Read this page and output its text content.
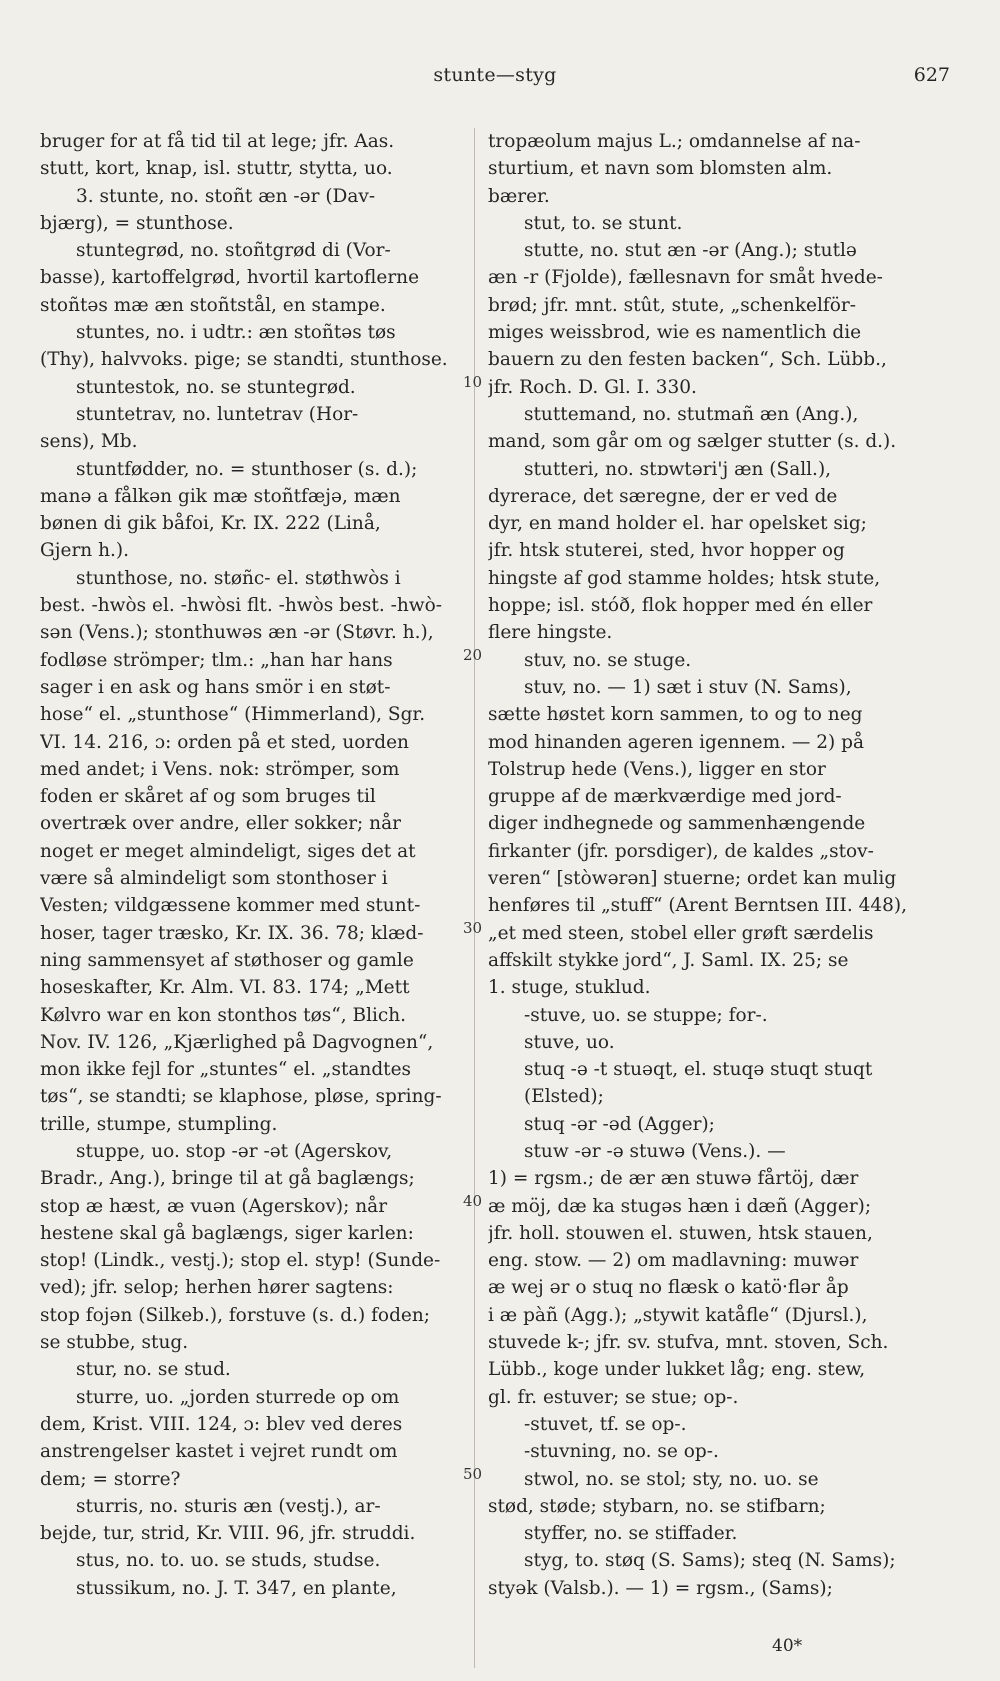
stunte—styg	627
bruger for at få tid til at lege; jfr. Aas.
stutt, kort, knap, isl. stuttr, stytta, uo.
3. stunte, no. stoñt æn -ər (Dav-
bjærg), = stunthose.
stuntegrød, no. stoñtgrød di (Vor-
basse), kartoffelgrød, hvortil kartoflerne
stoñtəs mæ æn stoñtstål, en stampe.
stuntes, no. i udtr.: æn stoñtəs tøs
(Thy), halvvoks. pige; se standti, stunthose.
stuntestok, no. se stuntegrød.
stuntetrav, no. luntetrav (Hor-
sens), Mb.
stuntfødder, no. = stunthoser (s. d.);
manə a fålkən gik mæ stoñtfæjə, mæn
bønen di gik båfoi, Kr. IX. 222 (Linå,
Gjern h.).
stunthose, no. støñc- el. støthwòs i
best. -hwòs el. -hwòsi flt. -hwòs best. -hwò-
sən (Vens.); stonthuwəs æn -ər (Støvr. h.),
fodløse strömper; tlm.: „han har hans
sager i en ask og hans smör i en støt-
hose“ el. „stunthose“ (Himmerland), Sgr.
VI. 14. 216, ɔ: orden på et sted, uorden
med andet; i Vens. nok: strömper, som
foden er skåret af og som bruges til
overtræk over andre, eller sokker; når
noget er meget almindeligt, siges det at
være så almindeligt som stonthoser i
Vesten; vildgæssene kommer med stunt-
hoser, tager træsko, Kr. IX. 36. 78; klæd-
ning sammensyet af støthoser og gamle
hoseskafter, Kr. Alm. VI. 83. 174; „Mett
Kølvro war en kon stonthos tøs“, Blich.
Nov. IV. 126, „Kjærlighed på Dagvognen“,
mon ikke fejl for „stuntes“ el. „standtes
tøs“, se standti; se klaphose, pløse, spring-
trille, stumpe, stumpling.
stuppe, uo. stop -ər -ət (Agerskov,
Bradr., Ang.), bringe til at gå baglængs;
stop æ hæst, æ vuən (Agerskov); når
hestene skal gå baglængs, siger karlen:
stop! (Lindk., vestj.); stop el. styp! (Sunde-
ved); jfr. selop; herhen hører sagtens:
stop fojən (Silkeb.), forstuve (s. d.) foden;
se stubbe, stug.
stur, no. se stud.
sturre, uo. „jorden sturrede op om
dem, Krist. VIII. 124, ɔ: blev ved deres
anstrengelser kastet i vejret rundt om
dem; = storre?
sturris, no. sturis æn (vestj.), ar-
bejde, tur, strid, Kr. VIII. 96, jfr. struddi.
stus, no. to. uo. se studs, studse.
stussikum, no. J. T. 347, en plante,
tropæolum majus L.; omdannelse af na-
sturtium, et navn som blomsten alm.
bærer.
stut, to. se stunt.
stutte, no. stut æn -ər (Ang.); stutlə
æn -r (Fjolde), fællesnavn for småt hvede-
brød; jfr. mnt. stût, stute, „schenkelför-
miges weissbrod, wie es namentlich die
bauern zu den festen backen“, Sch. Lübb.,
jfr. Roch. D. Gl. I. 330.
stuttemand, no. stutmañ æn (Ang.),
mand, som går om og sælger stutter (s. d.).
stutteri, no. stɒwtəri'j æn (Sall.),
dyrerace, det særegne, der er ved de
dyr, en mand holder el. har opelsket sig;
jfr. htsk stuterei, sted, hvor hopper og
hingste af god stamme holdes; htsk stute,
hoppe; isl. stóð, flok hopper med én eller
flere hingste.
stuv, no. se stuge.
stuv, no. — 1) sæt i stuv (N. Sams),
sætte høstet korn sammen, to og to neg
mod hinanden ageren igennem. — 2) på
Tolstrup hede (Vens.), ligger en stor
gruppe af de mærkværdige med jord-
diger indhegnede og sammenhængende
firkanter (jfr. porsdiger), de kaldes „stov-
veren“ [stòwərən] stuerne; ordet kan mulig
henføres til „stuff“ (Arent Berntsen III. 448),
„et med steen, stobel eller grøft særdelis
affskilt stykke jord“, J. Saml. IX. 25; se
1. stuge, stuklud.
-stuve, uo. se stuppe; for-.
stuve, uo.
stuq -ə -t stuəqt, el. stuqə stuqt stuqt
(Elsted);
stuq -ər -əd (Agger);
stuw -ər -ə stuwə (Vens.). —
1) = rgsm.; de ær æn stuwə fårtöj, dær
æ möj, dæ ka stugəs hæn i dæñ (Agger);
jfr. holl. stouwen el. stuwen, htsk stauen,
eng. stow. — 2) om madlavning: muwər
æ wej ər o stuq no flæsk o katö·flər åp
i æ pàñ (Agg.); „stywit katåfle“ (Djursl.),
stuvede k-; jfr. sv. stufva, mnt. stoven, Sch.
Lübb., koge under lukket låg; eng. stew,
gl. fr. estuver; se stue; op-.
-stuvet, tf. se op-.
-stuvning, no. se op-.
stwol, no. se stol; sty, no. uo. se
stød, støde; stybarn, no. se stifbarn;
styffer, no. se stiffader.
styg, to. støq (S. Sams); steq (N. Sams);
styək (Valsb.). — 1) = rgsm., (Sams);
10
20
30
40
50
40*
